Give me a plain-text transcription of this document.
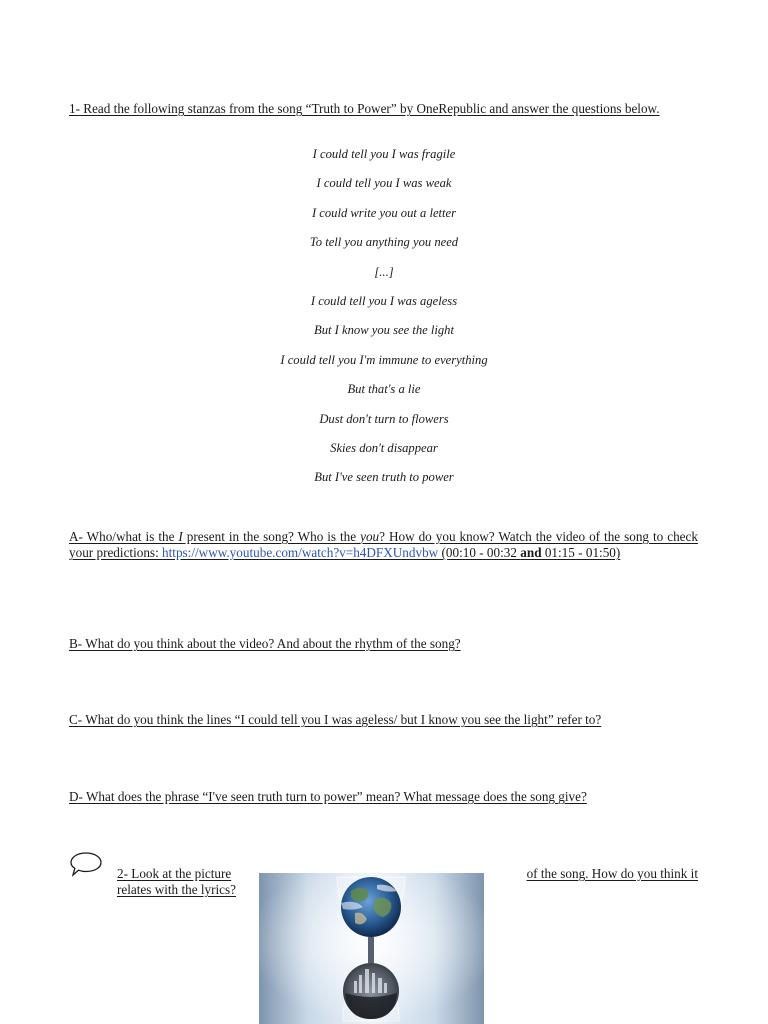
1- Read the following stanzas from the song “Truth to Power” by OneRepublic and answer the questions below.
I could tell you I was fragile
I could tell you I was weak
I could write you out a letter
To tell you anything you need
[...]
I could tell you I was ageless
But I know you see the light
I could tell you I'm immune to everything
But that's a lie
Dust don't turn to flowers
Skies don't disappear
But I've seen truth to power
A- Who/what is the I present in the song? Who is the you? How do you know? Watch the video of the song to check your predictions: https://www.youtube.com/watch?v=h4DFXUndvbw (00:10 - 00:32 and 01:15 - 01:50)
B- What do you think about the video? And about the rhythm of the song?
C- What do you think the lines “I could tell you I was ageless/ but I know you see the light” refer to?
D- What does the phrase “I've seen truth turn to power” mean? What message does the song give?
2- Look at the picture relates with the lyrics?
of the song. How do you think it
